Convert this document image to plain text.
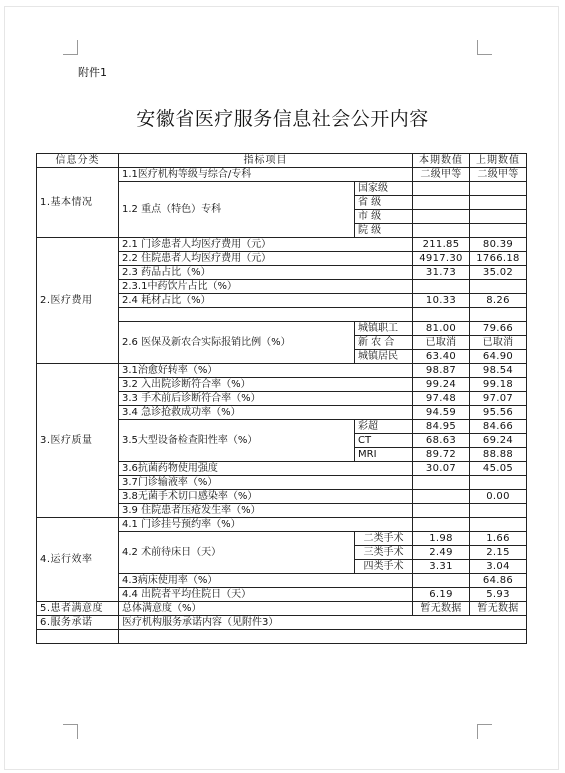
附件1
安徽省医疗服务信息社会公开内容
信息分类	指标项目		本期数值	上期数值
1.基本情况	1.1医疗机构等级与综合/专科		二级甲等	二级甲等
	1.2 重点（特色）专科	国家级		
		省 级		
		市 级		
		院 级		
2.医疗费用	2.1 门诊患者人均医疗费用（元）		211.85	80.39
	2.2 住院患者人均医疗费用（元）		4917.30	1766.18
	2.3 药品占比（%）		31.73	35.02
	2.3.1中药饮片占比（%）			
	2.4 耗材占比（%）		10.33	8.26

	2.6 医保及新农合实际报销比例（%）	城镇职工	81.00	79.66
		新 农 合	已取消	已取消
		城镇居民	63.40	64.90
3.医疗质量	3.1治愈好转率（%）		98.87	98.54
	3.2 入出院诊断符合率（%）		99.24	99.18
	3.3 手术前后诊断符合率（%）		97.48	97.07
	3.4 急诊抢救成功率（%）		94.59	95.56
	3.5大型设备检查阳性率（%）	彩超	84.95	84.66
		CT	68.63	69.24
		MRI	89.72	88.88
	3.6抗菌药物使用强度		30.07	45.05
	3.7门诊输液率（%）			
	3.8无菌手术切口感染率（%）			0.00
	3.9 住院患者压疮发生率（%）			
4.运行效率	4.1 门诊挂号预约率（%）			
	4.2 术前待床日（天）	二类手术	1.98	1.66
		三类手术	2.49	2.15
		四类手术	3.31	3.04
	4.3病床使用率（%）			64.86
	4.4 出院者平均住院日（天）		6.19	5.93
5.患者满意度	总体满意度（%）		暂无数据	暂无数据
6.服务承诺	医疗机构服务承诺内容（见附件3）			
